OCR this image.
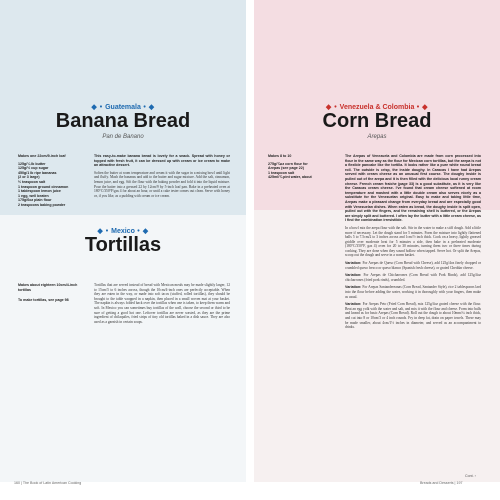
◆ • Guatemala • ◆
Banana Bread
Pan de Banano
Makes one 22cm/9-inch loaf
125g/¼ lb butter
125g/½ cup sugar
450g/1 lb ripe bananas
(2 or 3 large)
½ teaspoon salt
1 teaspoon ground cinnamon
1 tablespoon lemon juice
1 egg, well beaten
175g/6oz plain flour
2 teaspoons baking powder

This easy-to-make banana bread is lovely for a snack. Spread with honey or topped with fresh fruit, it can be dressed up with cream or ice cream to make an attractive dessert.

Soften the butter at room temperature and cream it with the sugar in a mixing bowl until light and fluffy. Mash the bananas and add to the butter and sugar mixture. Add the salt, cinnamon, lemon juice, and egg. Sift the flour with the baking powder and fold it into the liquid mixture. Pour the batter into a greased 22 by 12cm/9 by 5-inch loaf pan. Bake in a preheated oven at 180°C/350°F/gas 4 for about an hour, or until a cake tester comes out clean. Serve with honey or, if you like, as a pudding with cream or ice cream.

◆ • Mexico • ◆
Tortillas
Makes about eighteen 10cm/4-inch tortillas
To make tortillas, see page 98

Tortillas that are served instead of bread with Mexican meals may be made slightly larger, 12 to 15cm/5 to 6 inches across, though the 10cm/4-inch ones are perfectly acceptable. When they are eaten in the way, or made into soft tacos (stuffed, rolled tortillas), they should be brought to the table wrapped in a napkin, then placed in a small woven mat at your basket. The napkin is always folded back over the tortillas when one is taken, to keep them warm and soft. In Mexico you can sometimes buy tortillas of the wall, choose the second or third to be sure of getting a good hot one. Leftover tortillas are never wasted, as they are the prime ingredient of chilaquiles, fried strips of tiny old tortillas baked in a dish sauce. They are also used as a garnish in certain soups.

160 | The Book of Latin American Cooking
◆ • Venezuela & Colombia • ◆
Corn Bread
Arepas
Makes 8 to 10
275g/¾oz corn flour for
Arepas (see page 22)
1 teaspoon salt
425ml/¾ pint water, about

The Arepas of Venezuela and Colombia are made from corn processed into flour in the same way as the flour for Mexican corn tortillas, but the arepa is not a flexible pancake like the tortilla. It looks rather like a pure white round bread roll. The outside is crisp, the inside doughy. In Caracas I have had Arepas served with cream cheese as an unusual first course. The doughy inside is pulled out of the arepa and it is then filled with the delicious local runny cream cheese. French cream fraiche (page 33) is a good substitute, as it is very like the Caracas cream cheese. I've found that cream cheese softened at room temperature and mashed with a little double cream also serves nicely as a substitute for the Venezuelan original. Easy to make and taking little time, Arepas make a pleasant change from everyday bread and are especially good with Venezuelan dishes. When eaten as bread, the doughy inside is spilt open, pulled out with the fingers, and the remaining shell is buttered, or the Arepas are simply split and buttered. I often lay the butter with a little cream cheese, as I find the combination irresistible.

In a bowl mix the arepa flour with the salt. Stir in the water to make a stiff dough. Add a little more if necessary. Let the dough stand for 5 minutes. Form the mixture into lightly flattened balls 5 to 7.5cm/2 to 3 inches across and 1cm/½ inch thick. Cook on a heavy, lightly greased griddle over moderate heat for 5 minutes a side, then bake in a preheated moderate (180°C/350°F, gas 4) oven for 20 to 30 minutes, turning them two or three times during cooking. They are done when they sound hollow when tapped. Serve hot. Or split the Arepas, scoop out the dough and serve in a warm basket.

Variation: For Arepas de Queso (Corn Bread with Cheese), add 125g/4oz finely chopped or crumbled queso fresco or queso blanco (Spanish fresh cheese), or grated Cheddar cheese.

Variation: For Arepas de Chicharrones (Corn Bread with Pork Rinds), add 125g/4oz chicharrones (fried pork rinds), crumbled.

Variation: For Arepas Santandereanas (Corn Bread, Santander Style), rice 2 tablespoons lard into the flour before adding the water, working it in thoroughly with your fingers, then make as usual.

Variation: For Arepas Peto (Fried Corn Bread), mix 125g/4oz grated cheese with the flour. Beat an egg yolk with the water and salt, and mix it with the flour and cheese. Form into balls and knead as for basic Arepas (Corn Bread). Roll out the dough to about 10mm/¼ inch thick, and cut into 8 or 10cm/3 or 4 inch rounds. Fry in deep fat, drain on paper towels. These may be made smaller, about 4cm/1½ inches in diameter, and served as an accompaniment to drinks.

Cont. ›
Breads and Desserts | 197
